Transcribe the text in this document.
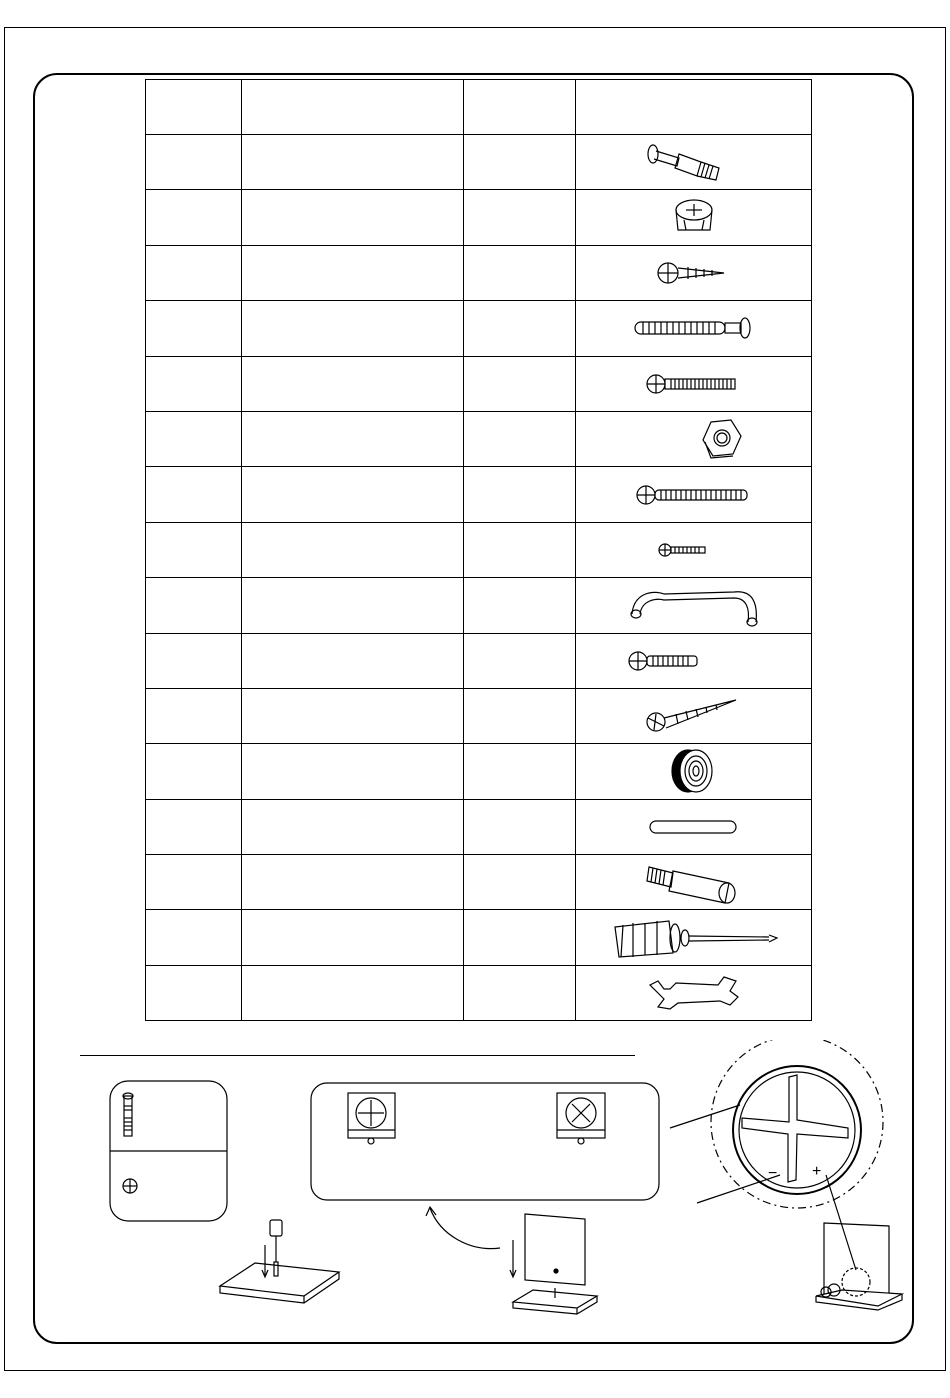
− +
